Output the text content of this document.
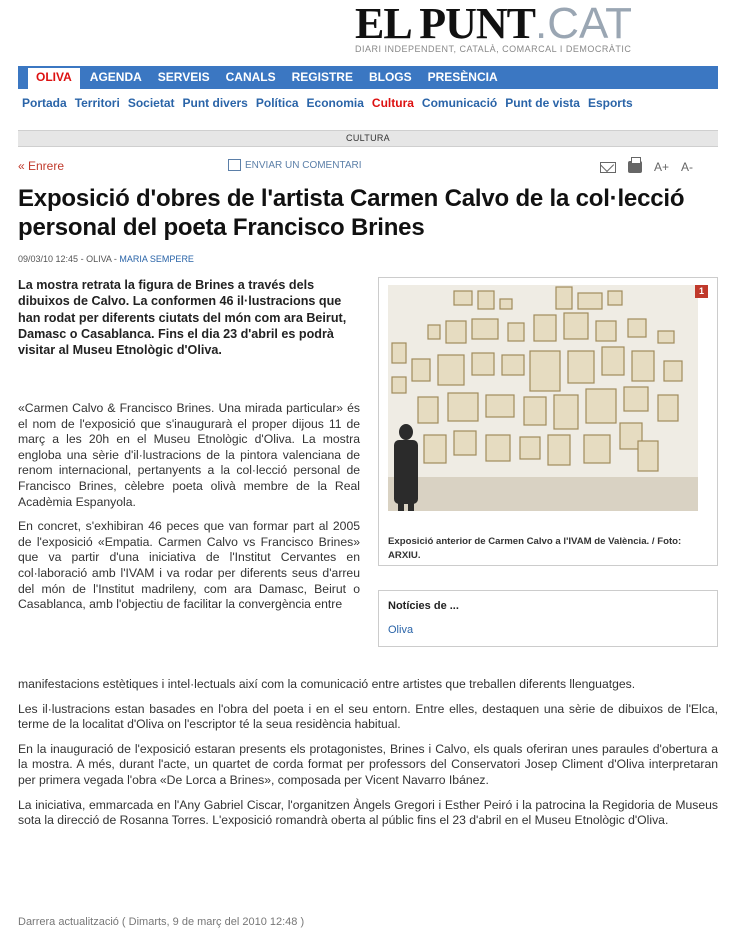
EL PUNT.CAT
DIARI INDEPENDENT, CATALÀ, COMARCAL I DEMOCRÀTIC
OLIVA	AGENDA	SERVEIS	CANALS	REGISTRE	BLOGS	PRESÈNCIA
Portada Territori Societat Punt divers Política Economia Cultura Comunicació Punt de vista Esports
CULTURA
« Enrere	ENVIAR UN COMENTARI	A+ A-
Exposició d'obres de l'artista Carmen Calvo de la col·lecció personal del poeta Francisco Brines
09/03/10 12:45 - OLIVA - MARIA SEMPERE

La mostra retrata la figura de Brines a través dels dibuixos de Calvo. La conformen 46 il·lustracions que han rodat per diferents ciutats del món com ara Beirut, Damasc o Casablanca. Fins el dia 23 d'abril es podrà visitar al Museu Etnològic d'Oliva.

«Carmen Calvo & Francisco Brines. Una mirada particular» és el nom de l'exposició que s'inaugurarà el proper dijous 11 de març a les 20h en el Museu Etnològic d'Oliva. La mostra engloba una sèrie d'il·lustracions de la pintora valenciana de renom internacional, pertanyents a la col·lecció personal de Francisco Brines, cèlebre poeta olivà membre de la Real Acadèmia Espanyola.

En concret, s'exhibiran 46 peces que van formar part al 2005 de l'exposició «Empatia. Carmen Calvo vs Francisco Brines» que va partir d'una iniciativa de l'Institut Cervantes en col·laboració amb l'IVAM i va rodar per diferents seus d'arreu del món de l'Institut madrileny, com ara Damasc, Beirut o Casablanca, amb l'objectiu de facilitar la convergència entre

manifestacions estètiques i intel·lectuals així com la comunicació entre artistes que treballen diferents llenguatges.

Les il·lustracions estan basades en l'obra del poeta i en el seu entorn. Entre elles, destaquen una sèrie de dibuixos de l'Elca, terme de la localitat d'Oliva on l'escriptor té la seua residència habitual.

En la inauguració de l'exposició estaran presents els protagonistes, Brines i Calvo, els quals oferiran unes paraules d'obertura a la mostra. A més, durant l'acte, un quartet de corda format per professors del Conservatori Josep Climent d'Oliva interpretaran per primera vegada l'obra «De Lorca a Brines», composada per Vicent Navarro Ibánez.

La iniciativa, emmarcada en l'Any Gabriel Ciscar, l'organitzen Àngels Gregori i Esther Peiró i la patrocina la Regidoria de Museus sota la direcció de Rosanna Torres. L'exposició romandrà oberta al públic fins el 23 d'abril en el Museu Etnològic d'Oliva.

1
Exposició anterior de Carmen Calvo a l'IVAM de València. / Foto: ARXIU.
Notícies de ...
Oliva
Darrera actualització ( Dimarts, 9 de març del 2010 12:48 )
